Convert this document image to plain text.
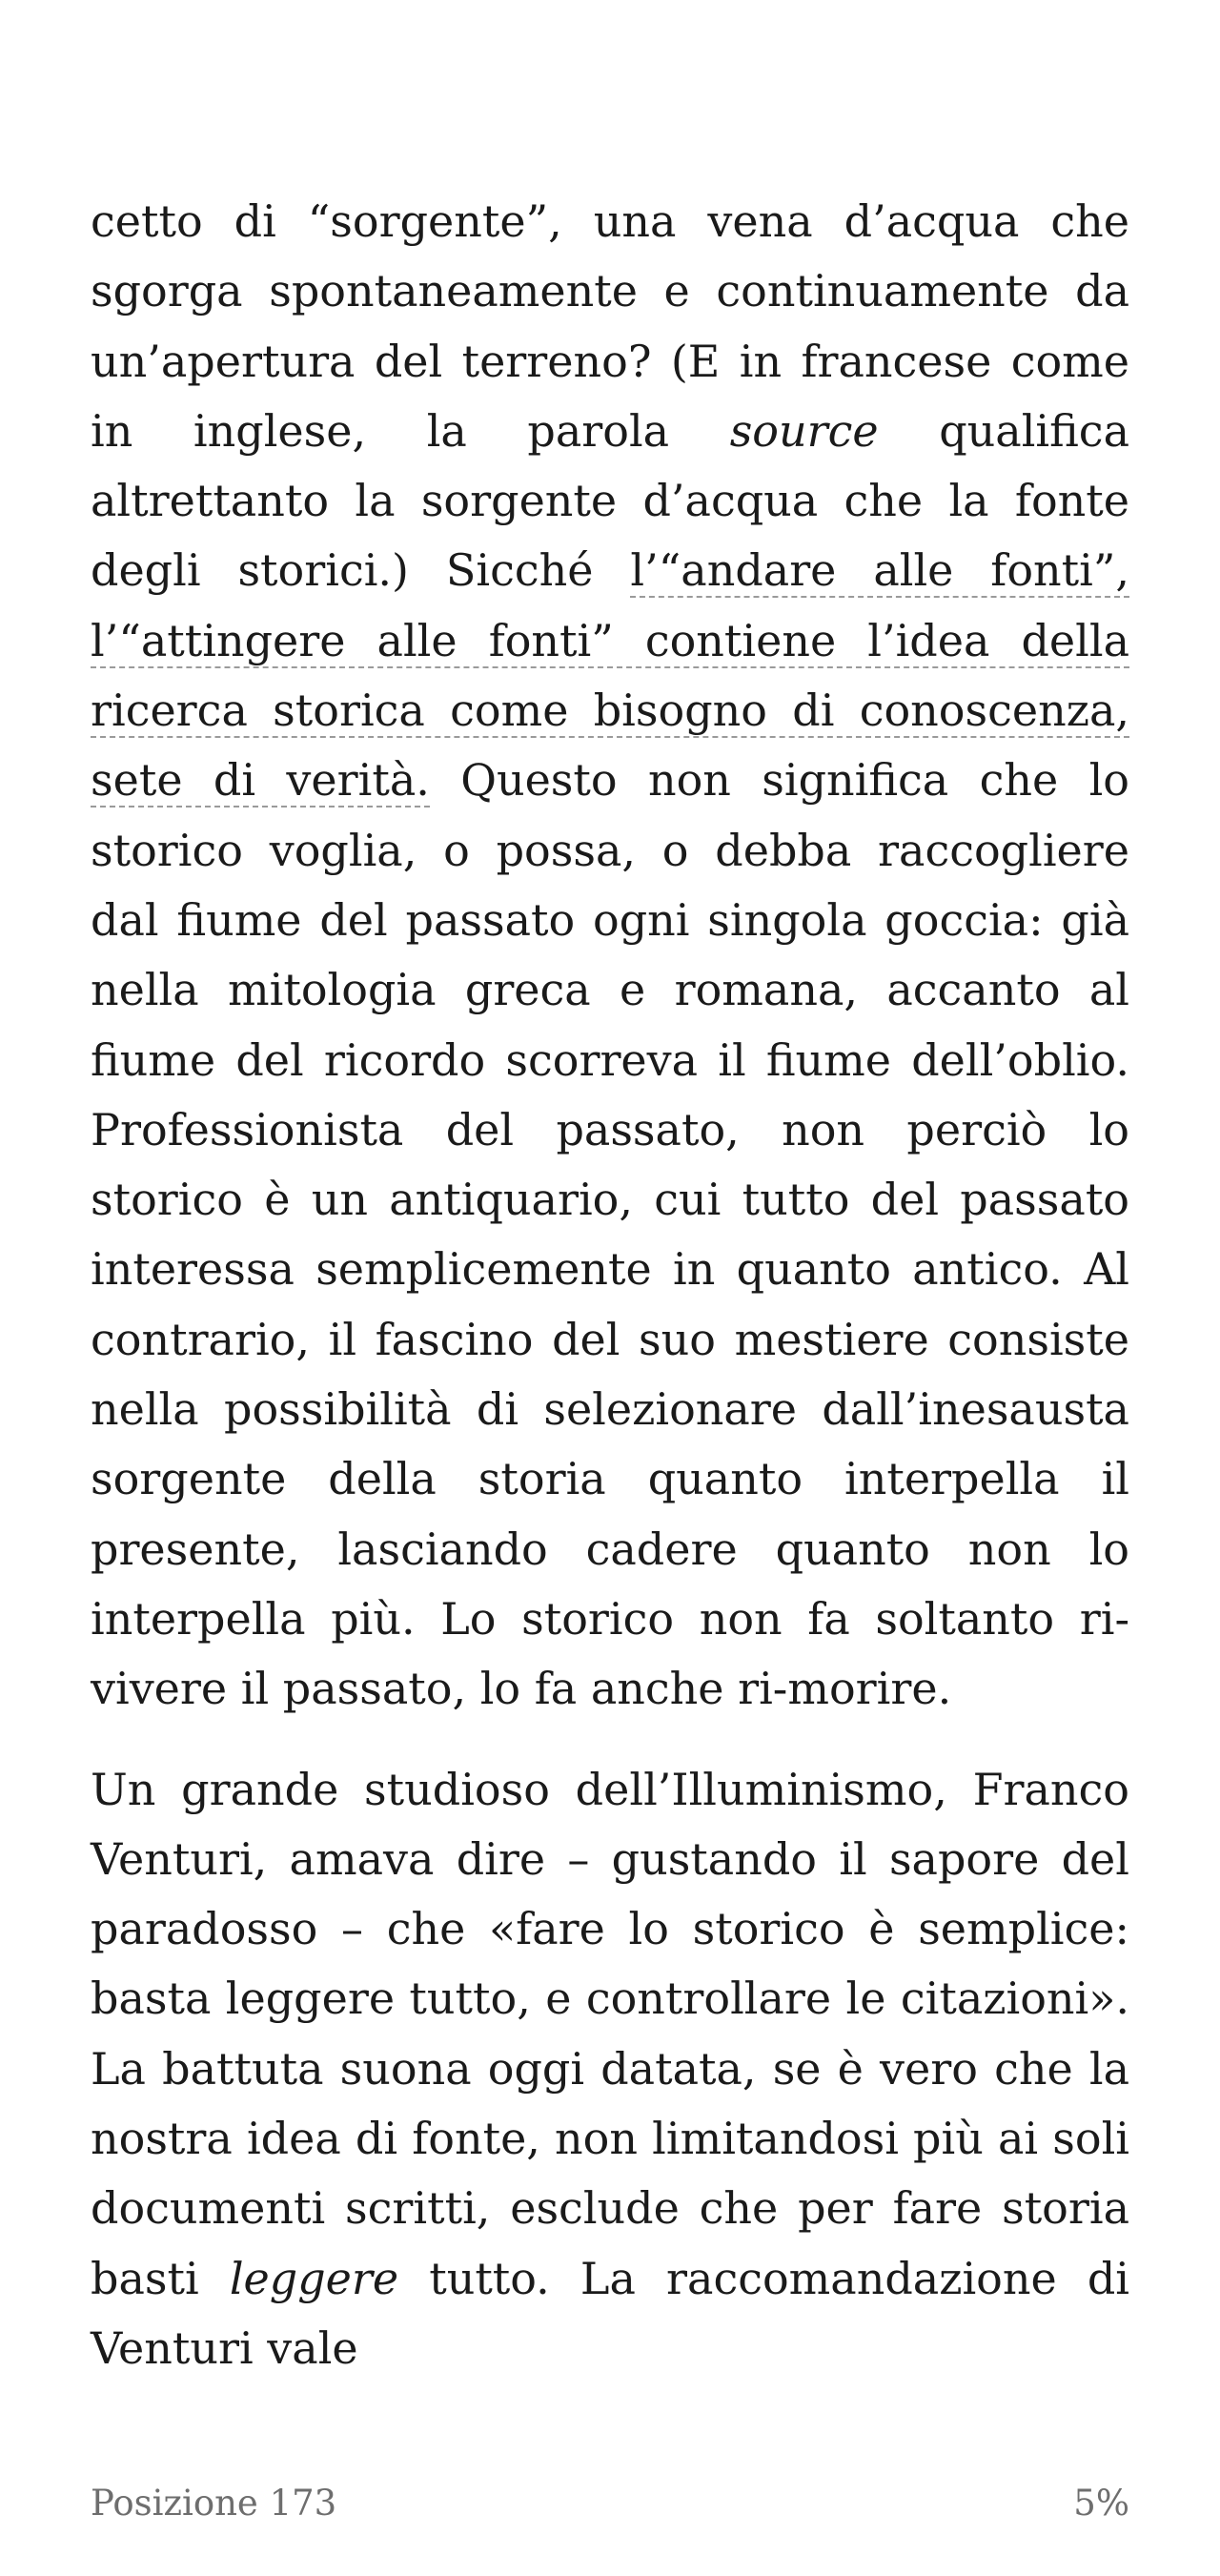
cetto di “sorgente”, una vena d’acqua che sgorga spontaneamente e continuamente da un’apertura del terreno? (E in francese come in inglese, la parola source qualifica altrettanto la sorgente d’acqua che la fonte degli storici.) Sicché l’“andare alle fonti”, l’“attingere alle fonti” contiene l’idea della ricerca storica come bisogno di conoscenza, sete di verità. Questo non significa che lo storico voglia, o possa, o debba raccogliere dal fiume del passato ogni singola goccia: già nella mitologia greca e romana, accanto al fiume del ricordo scorreva il fiume dell’oblio. Professionista del passato, non perciò lo storico è un antiquario, cui tutto del passato interessa semplicemente in quanto antico. Al contrario, il fascino del suo mestiere consiste nella possibilità di selezionare dall’inesausta sorgente della storia quanto interpella il presente, lasciando cadere quanto non lo interpella più. Lo storico non fa soltanto ri-vivere il passato, lo fa anche ri-morire.

Un grande studioso dell’Illuminismo, Franco Venturi, amava dire – gustando il sapore del paradosso – che «fare lo storico è semplice: basta leggere tutto, e controllare le citazioni». La battuta suona oggi datata, se è vero che la nostra idea di fonte, non limitandosi più ai soli documenti scritti, esclude che per fare storia basti leggere tutto. La raccomandazione di Venturi vale

Posizione 173	5%
